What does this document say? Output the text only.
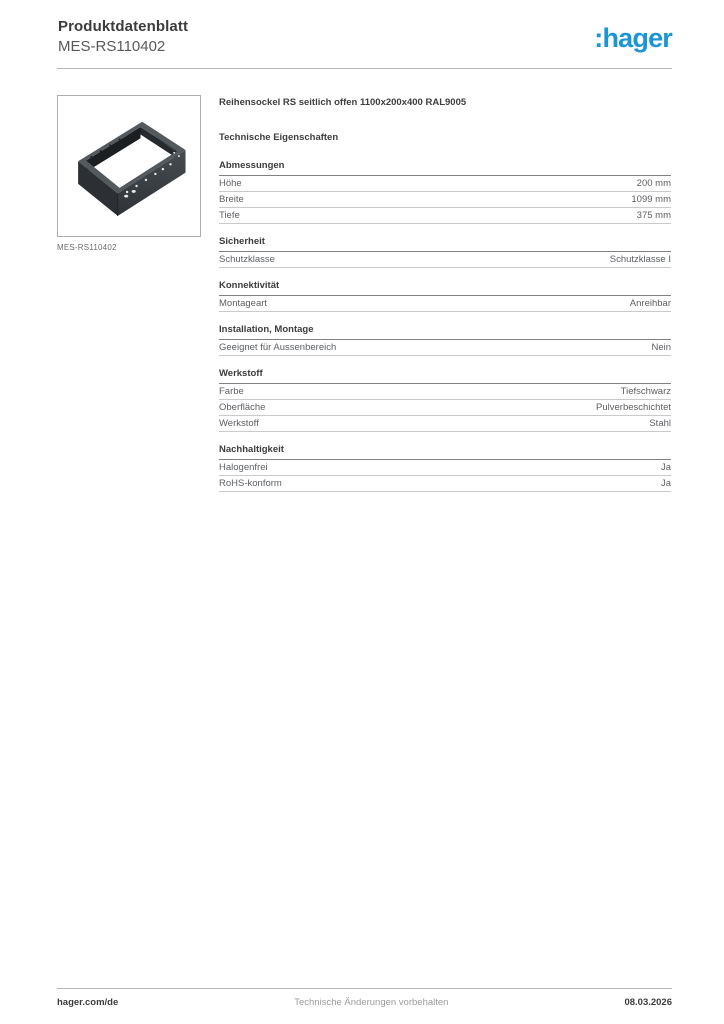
Produktdatenblatt
MES-RS110402	:hager
MES-RS110402
Reihensockel RS seitlich offen 1100x200x400 RAL9005
Technische Eigenschaften
Abmessungen
Höhe	200 mm
Breite	1099 mm
Tiefe	375 mm
Sicherheit
Schutzklasse	Schutzklasse I
Konnektivität
Montageart	Anreihbar
Installation, Montage
Geeignet für Aussenbereich	Nein
Werkstoff
Farbe	Tiefschwarz
Oberfläche	Pulverbeschichtet
Werkstoff	Stahl
Nachhaltigkeit
Halogenfrei	Ja
RoHS-konform	Ja
hager.com/de	Technische Änderungen vorbehalten	08.03.2026
